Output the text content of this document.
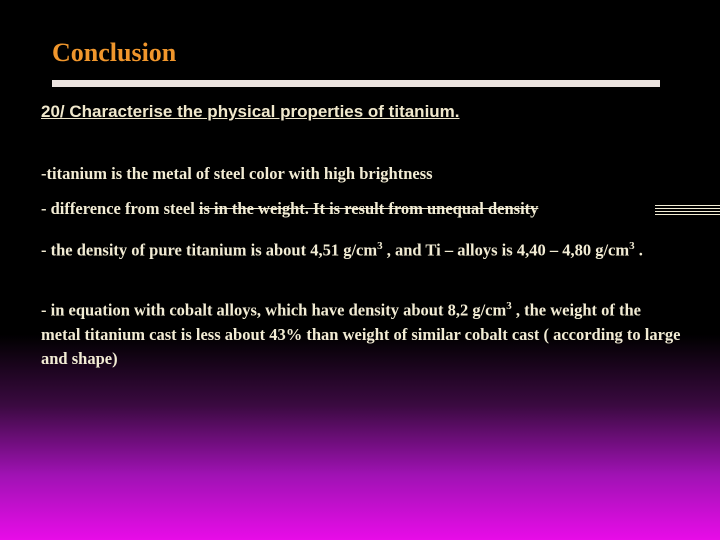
Conclusion
20/ Characterise the physical properties of titanium.
-titanium is the metal of steel color with high brightness
- difference from steel is in the weight. It is result from unequal density
- the density of pure titanium is about 4,51 $g/cm^3$ , and Ti – alloys is 4,40 – 4,80 $g/cm^3$ .
- in equation with cobalt alloys, which have density about 8,2 $g/cm^3$ , the weight of the metal titanium cast is less about 43% than weight of similar cobalt cast ( according to large and shape)
